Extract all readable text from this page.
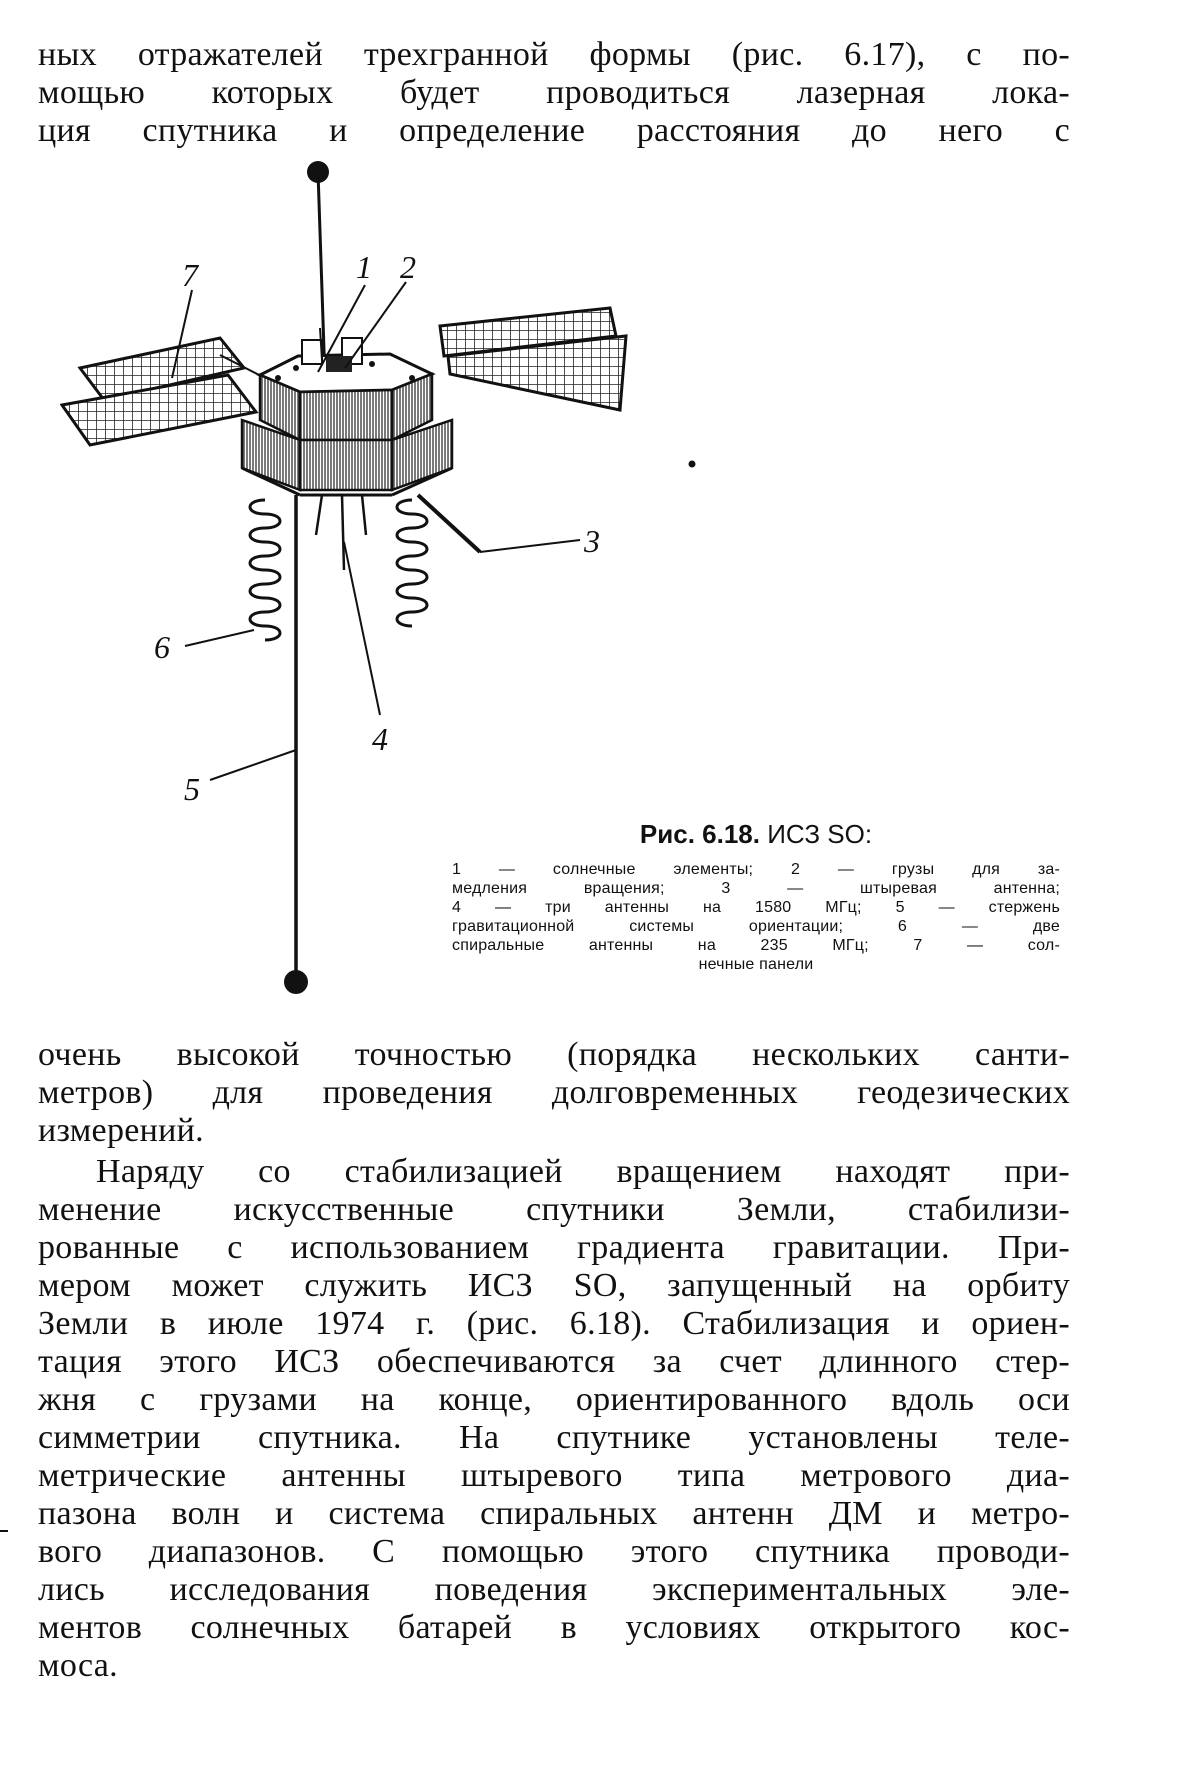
ных отражателей трехгранной формы (рис. 6.17), с по-
мощью которых будет проводиться лазерная лока-
ция спутника и определение расстояния до него с
1 2
3
4
5
6
7
Рис. 6.18. ИСЗ SO:
1 — солнечные элементы; 2 — грузы для за-
медления вращения; 3 — штыревая антенна;
4 — три антенны на 1580 МГц; 5 — стержень
гравитационной системы ориентации; 6 — две
спиральные антенны на 235 МГц; 7 — сол-
нечные панели
очень высокой точностью (порядка нескольких санти-
метров) для проведения долговременных геодезических
измерений.
Наряду со стабилизацией вращением находят при-
менение искусственные спутники Земли, стабилизи-
рованные с использованием градиента гравитации. При-
мером может служить ИСЗ SO, запущенный на орбиту
Земли в июле 1974 г. (рис. 6.18). Стабилизация и ориен-
тация этого ИСЗ обеспечиваются за счет длинного стер-
жня с грузами на конце, ориентированного вдоль оси
симметрии спутника. На спутнике установлены теле-
метрические антенны штыревого типа метрового диа-
пазона волн и система спиральных антенн ДМ и метро-
вого диапазонов. С помощью этого спутника проводи-
лись исследования поведения экспериментальных эле-
ментов солнечных батарей в условиях открытого кос-
моса.
